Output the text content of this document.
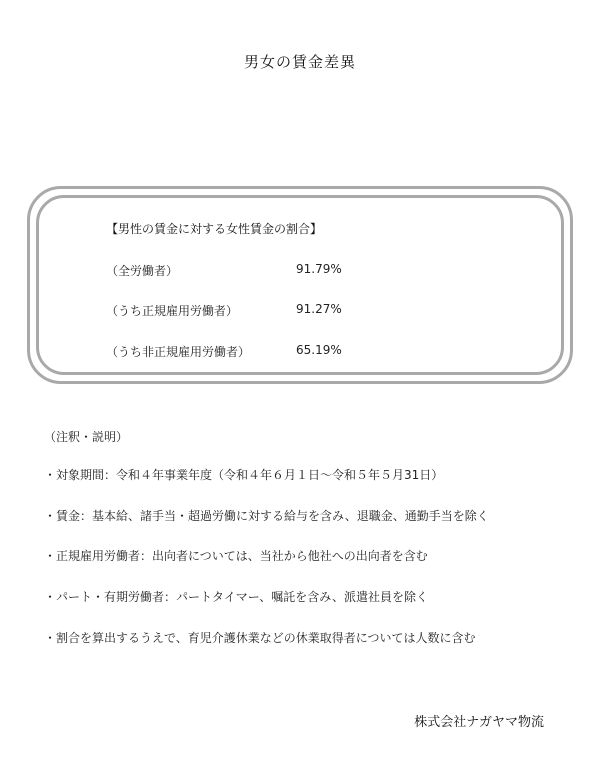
男女の賃金差異
【男性の賃金に対する女性賃金の割合】
（全労働者）	91.79%
（うち正規雇用労働者）	91.27%
（うち非正規雇用労働者）	65.19%
（注釈・説明）
・対象期間：令和４年事業年度（令和４年６月１日〜令和５年５月31日）
・賃金：基本給、諸手当・超過労働に対する給与を含み、退職金、通勤手当を除く
・正規雇用労働者：出向者については、当社から他社への出向者を含む
・パート・有期労働者：パートタイマー、嘱託を含み、派遣社員を除く
・割合を算出するうえで、育児介護休業などの休業取得者については人数に含む
株式会社ナガヤマ物流
